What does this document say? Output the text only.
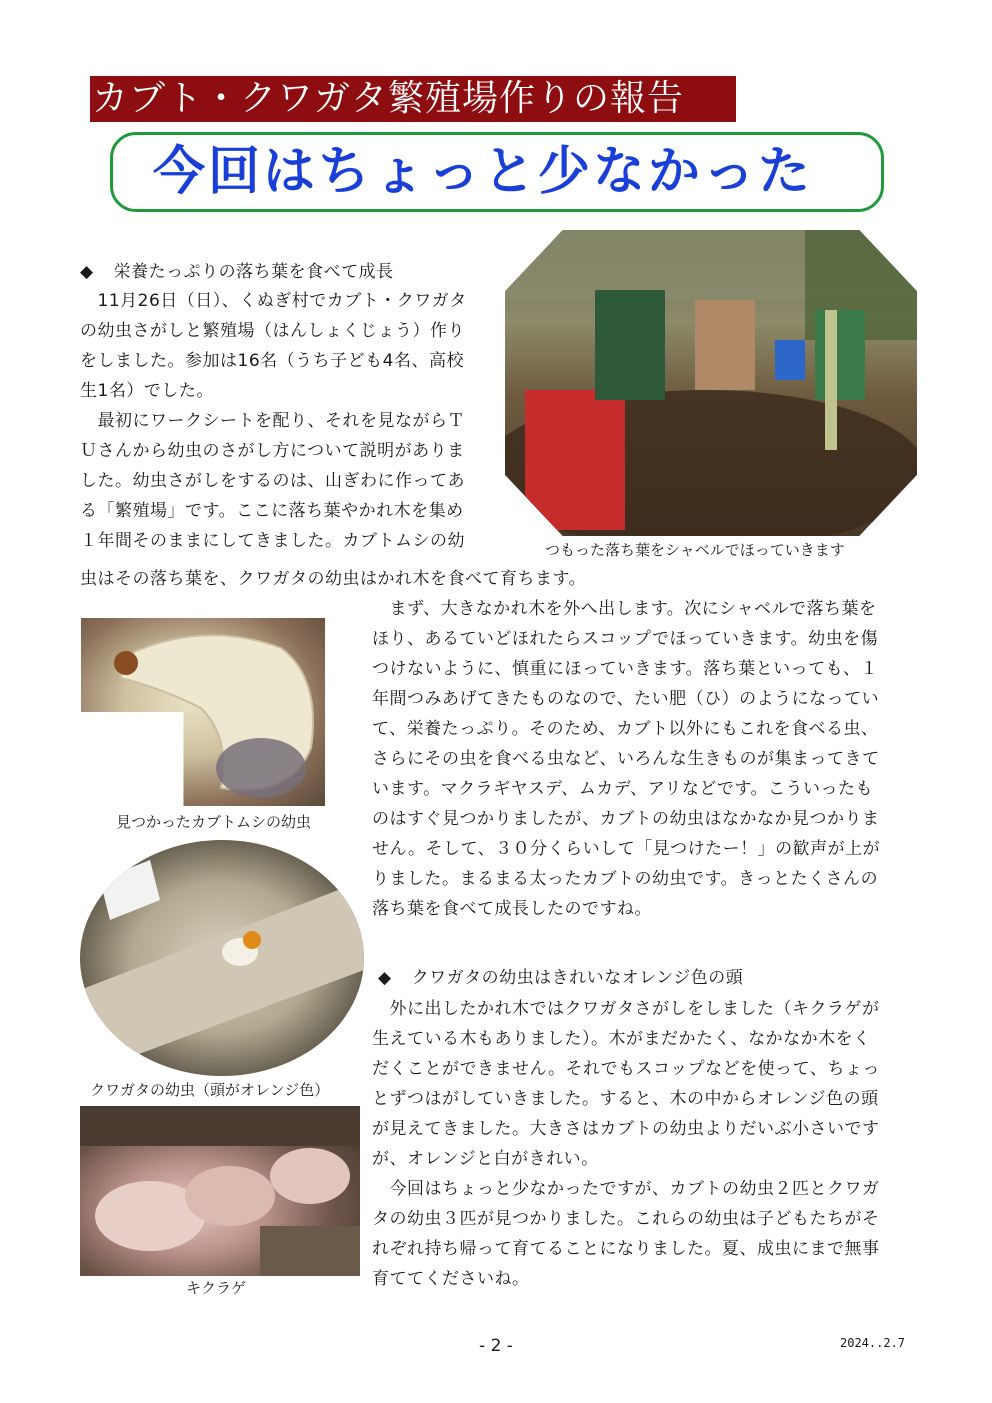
カブト・クワガタ繁殖場作りの報告
今回はちょっと少なかった
◆ 栄養たっぷりの落ち葉を食べて成長

　11月26日（日）、くぬぎ村でカブト・クワガタ

の幼虫さがしと繁殖場（はんしょくじょう）作り

をしました。参加は16名（うち子ども4名、高校

生1名）でした。

　最初にワークシートを配り、それを見ながらＴ

Ｕさんから幼虫のさがし方について説明がありま

した。幼虫さがしをするのは、山ぎわに作ってあ

る「繁殖場」です。ここに落ち葉やかれ木を集め

１年間そのままにしてきました。カブトムシの幼

虫はその落ち葉を、クワガタの幼虫はかれ木を食べて育ちます。
つもった落ち葉をシャベルでほっていきます

　まず、大きなかれ木を外へ出します。次にシャベルで落ち葉を

ほり、あるていどほれたらスコップでほっていきます。幼虫を傷

つけないように、慎重にほっていきます。落ち葉といっても、１

年間つみあげてきたものなので、たい肥（ひ）のようになってい

て、栄養たっぷり。そのため、カブト以外にもこれを食べる虫、

さらにその虫を食べる虫など、いろんな生きものが集まってきて

います。マクラギヤスデ、ムカデ、アリなどです。こういったも

のはすぐ見つかりましたが、カブトの幼虫はなかなか見つかりま

せん。そして、３０分くらいして「見つけたー！」の歓声が上が

りました。まるまる太ったカブトの幼虫です。きっとたくさんの

落ち葉を食べて成長したのですね。

見つかったカブトムシの幼虫
クワガタの幼虫（頭がオレンジ色）
キクラゲ
◆ クワガタの幼虫はきれいなオレンジ色の頭

　外に出したかれ木ではクワガタさがしをしました（キクラゲが

生えている木もありました）。木がまだかたく、なかなか木をく

だくことができません。それでもスコップなどを使って、ちょっ

とずつはがしていきました。すると、木の中からオレンジ色の頭

が見えてきました。大きさはカブトの幼虫よりだいぶ小さいです

が、オレンジと白がきれい。

　今回はちょっと少なかったですが、カブトの幼虫２匹とクワガ

タの幼虫３匹が見つかりました。これらの幼虫は子どもたちがそ

れぞれ持ち帰って育てることになりました。夏、成虫にまで無事

育ててくださいね。

- 2 -	2024..2.7
